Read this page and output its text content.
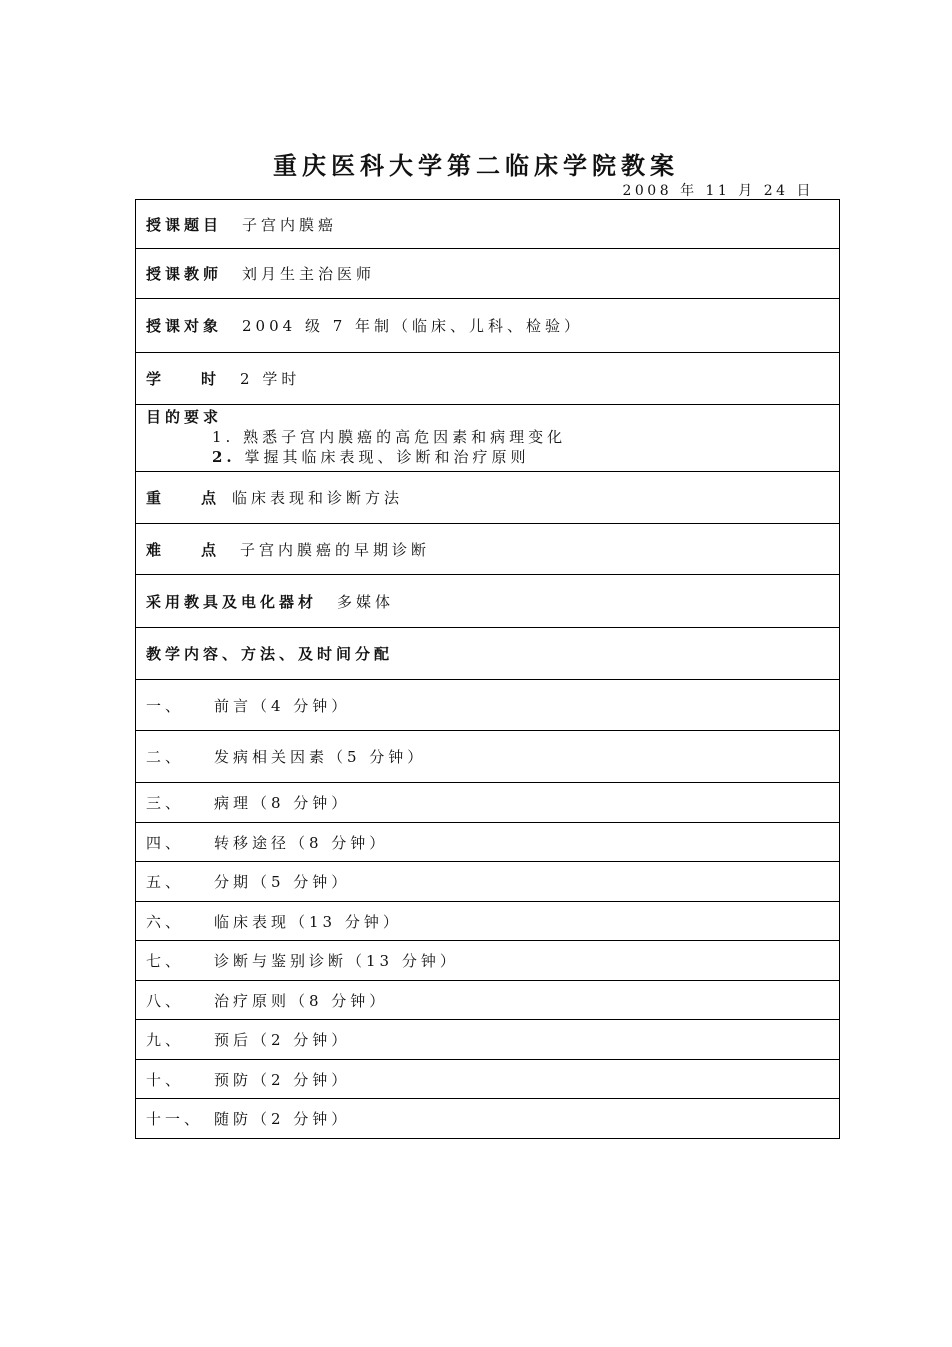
重庆医科大学第二临床学院教案
2008 年 11 月 24 日
授课题目 子宫内膜癌
授课教师 刘月生主治医师
授课对象 2004 级 7 年制（临床、儿科、检验）
学 时 2 学时

目的要求
1. 熟悉子宫内膜癌的高危因素和病理变化
2. 掌握其临床表现、诊断和治疗原则

重 点 临床表现和诊断方法
难 点 子宫内膜癌的早期诊断
采用教具及电化器材 多媒体
教学内容、方法、及时间分配
一、 前言（4 分钟）
二、 发病相关因素（5 分钟）
三、 病理（8 分钟）
四、 转移途径（8 分钟）
五、 分期（5 分钟）
六、 临床表现（13 分钟）
七、 诊断与鉴别诊断（13 分钟）
八、 治疗原则（8 分钟）
九、 预后（2 分钟）
十、 预防（2 分钟）
十一、 随防（2 分钟）
